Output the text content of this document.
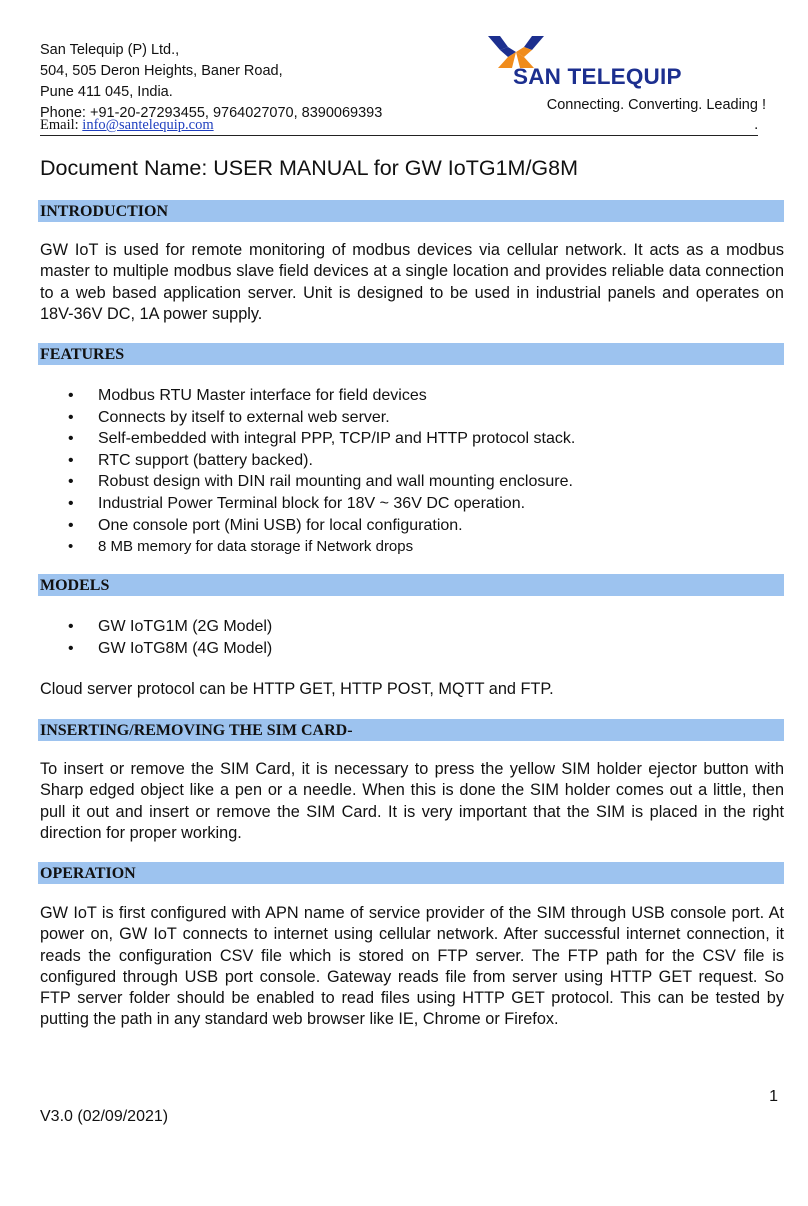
San Telequip (P) Ltd.,
504, 505 Deron Heights, Baner Road,
Pune 411 045, India.
Phone: +91-20-27293455, 9764027070, 8390069393
SAN TELEQUIP
Connecting. Converting. Leading !
Email: info@santelequip.com	.
Document Name: USER MANUAL for GW IoTG1M/G8M
INTRODUCTION
GW IoT is used for remote monitoring of modbus devices via cellular network. It acts as a modbus master to multiple modbus slave field devices at a single location and provides reliable data connection to a web based application server. Unit is designed to be used in industrial panels and operates on 18V-36V DC, 1A power supply.
FEATURES
• Modbus RTU Master interface for field devices
• Connects by itself to external web server.
• Self-embedded with integral PPP, TCP/IP and HTTP protocol stack.
• RTC support (battery backed).
• Robust design with DIN rail mounting and wall mounting enclosure.
• Industrial Power Terminal block for 18V ~ 36V DC operation.
• One console port (Mini USB) for local configuration.
• 8 MB memory for data storage if Network drops
MODELS
• GW IoTG1M (2G Model)
• GW IoTG8M (4G Model)
Cloud server protocol can be HTTP GET, HTTP POST, MQTT and FTP.
INSERTING/REMOVING THE SIM CARD-
To insert or remove the SIM Card, it is necessary to press the yellow SIM holder ejector button with Sharp edged object like a pen or a needle. When this is done the SIM holder comes out a little, then pull it out and insert or remove the SIM Card. It is very important that the SIM is placed in the right direction for proper working.
OPERATION
GW IoT is first configured with APN name of service provider of the SIM through USB console port. At power on, GW IoT connects to internet using cellular network. After successful internet connection, it reads the configuration CSV file which is stored on FTP server. The FTP path for the CSV file is configured through USB port console. Gateway reads file from server using HTTP GET request. So FTP server folder should be enabled to read files using HTTP GET protocol. This can be tested by putting the path in any standard web browser like IE, Chrome or Firefox.
1
V3.0 (02/09/2021)
